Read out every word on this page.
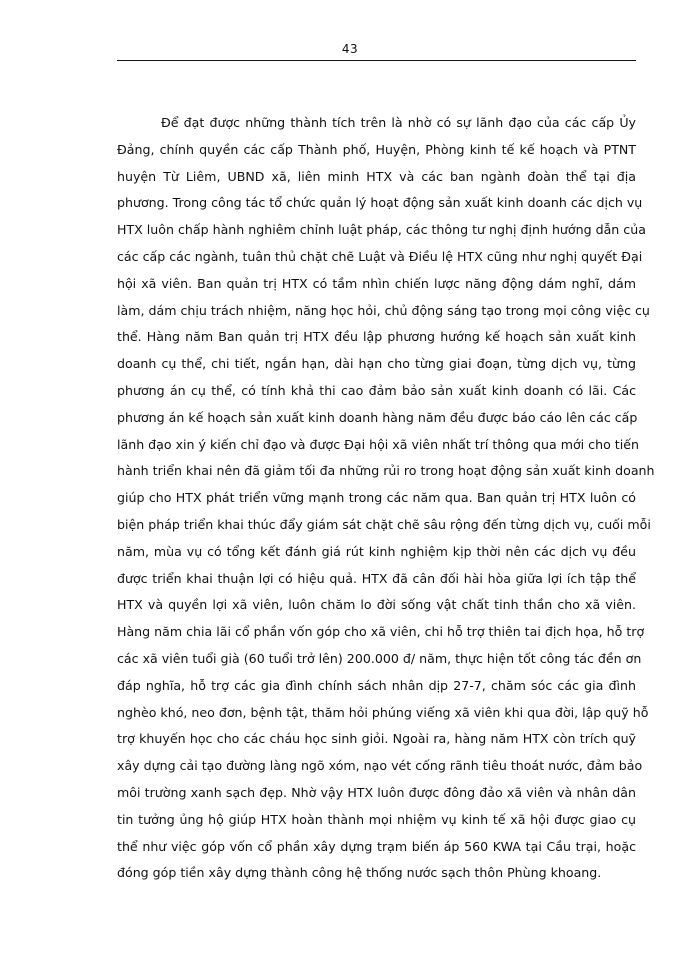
43

Để đạt được những thành tích trên là nhờ có sự lãnh đạo của các cấp Ủy
Đảng, chính quyền các cấp Thành phố, Huyện, Phòng kinh tế kế hoạch và PTNT
huyện Từ Liêm, UBND xã, liên minh HTX và các ban ngành đoàn thể tại địa
phương. Trong công tác tổ chức quản lý hoạt động sản xuất kinh doanh các dịch vụ
HTX luôn chấp hành nghiêm chỉnh luật pháp, các thông tư nghị định hướng dẫn của
các cấp các ngành, tuân thủ chặt chẽ Luật và Điều lệ HTX cũng như nghị quyết Đại
hội xã viên. Ban quản trị HTX có tầm nhìn chiến lược năng động dám nghĩ, dám
làm, dám chịu trách nhiệm, năng học hỏi, chủ động sáng tạo trong mọi công việc cụ
thể. Hàng năm Ban quản trị HTX đều lập phương hướng kế hoạch sản xuất kinh
doanh cụ thể, chi tiết, ngắn hạn, dài hạn cho từng giai đoạn, từng dịch vụ, từng
phương án cụ thể, có tính khả thi cao đảm bảo sản xuất kinh doanh có lãi. Các
phương án kế hoạch sản xuất kinh doanh hàng năm đều được báo cáo lên các cấp
lãnh đạo xin ý kiến chỉ đạo và được Đại hội xã viên nhất trí thông qua mới cho tiến
hành triển khai nên đã giảm tối đa những rủi ro trong hoạt động sản xuất kinh doanh
giúp cho HTX phát triển vững mạnh trong các năm qua. Ban quản trị HTX luôn có
biện pháp triển khai thúc đẩy giám sát chặt chẽ sâu rộng đến từng dịch vụ, cuối mỗi
năm, mùa vụ có tổng kết đánh giá rút kinh nghiệm kịp thời nên các dịch vụ đều
được triển khai thuận lợi có hiệu quả. HTX đã cân đối hài hòa giữa lợi ích tập thể
HTX và quyền lợi xã viên, luôn chăm lo đời sống vật chất tinh thần cho xã viên.
Hàng năm chia lãi cổ phần vốn góp cho xã viên, chi hỗ trợ thiên tai địch họa, hỗ trợ
các xã viên tuổi già (60 tuổi trở lên) 200.000 đ/ năm, thực hiện tốt công tác đền ơn
đáp nghĩa, hỗ trợ các gia đình chính sách nhân dịp 27-7, chăm sóc các gia đình
nghèo khó, neo đơn, bệnh tật, thăm hỏi phúng viếng xã viên khi qua đời, lập quỹ hỗ
trợ khuyến học cho các cháu học sinh giỏi. Ngoài ra, hàng năm HTX còn trích quỹ
xây dựng cải tạo đường làng ngõ xóm, nạo vét cống rãnh tiêu thoát nước, đảm bảo
môi trường xanh sạch đẹp. Nhờ vậy HTX luôn được đông đảo xã viên và nhân dân
tin tưởng ủng hộ giúp HTX hoàn thành mọi nhiệm vụ kinh tế xã hội được giao cụ
thể như việc góp vốn cổ phần xây dựng trạm biến áp 560 KWA tại Cầu trại, hoặc
đóng góp tiền xây dựng thành công hệ thống nước sạch thôn Phùng khoang.
